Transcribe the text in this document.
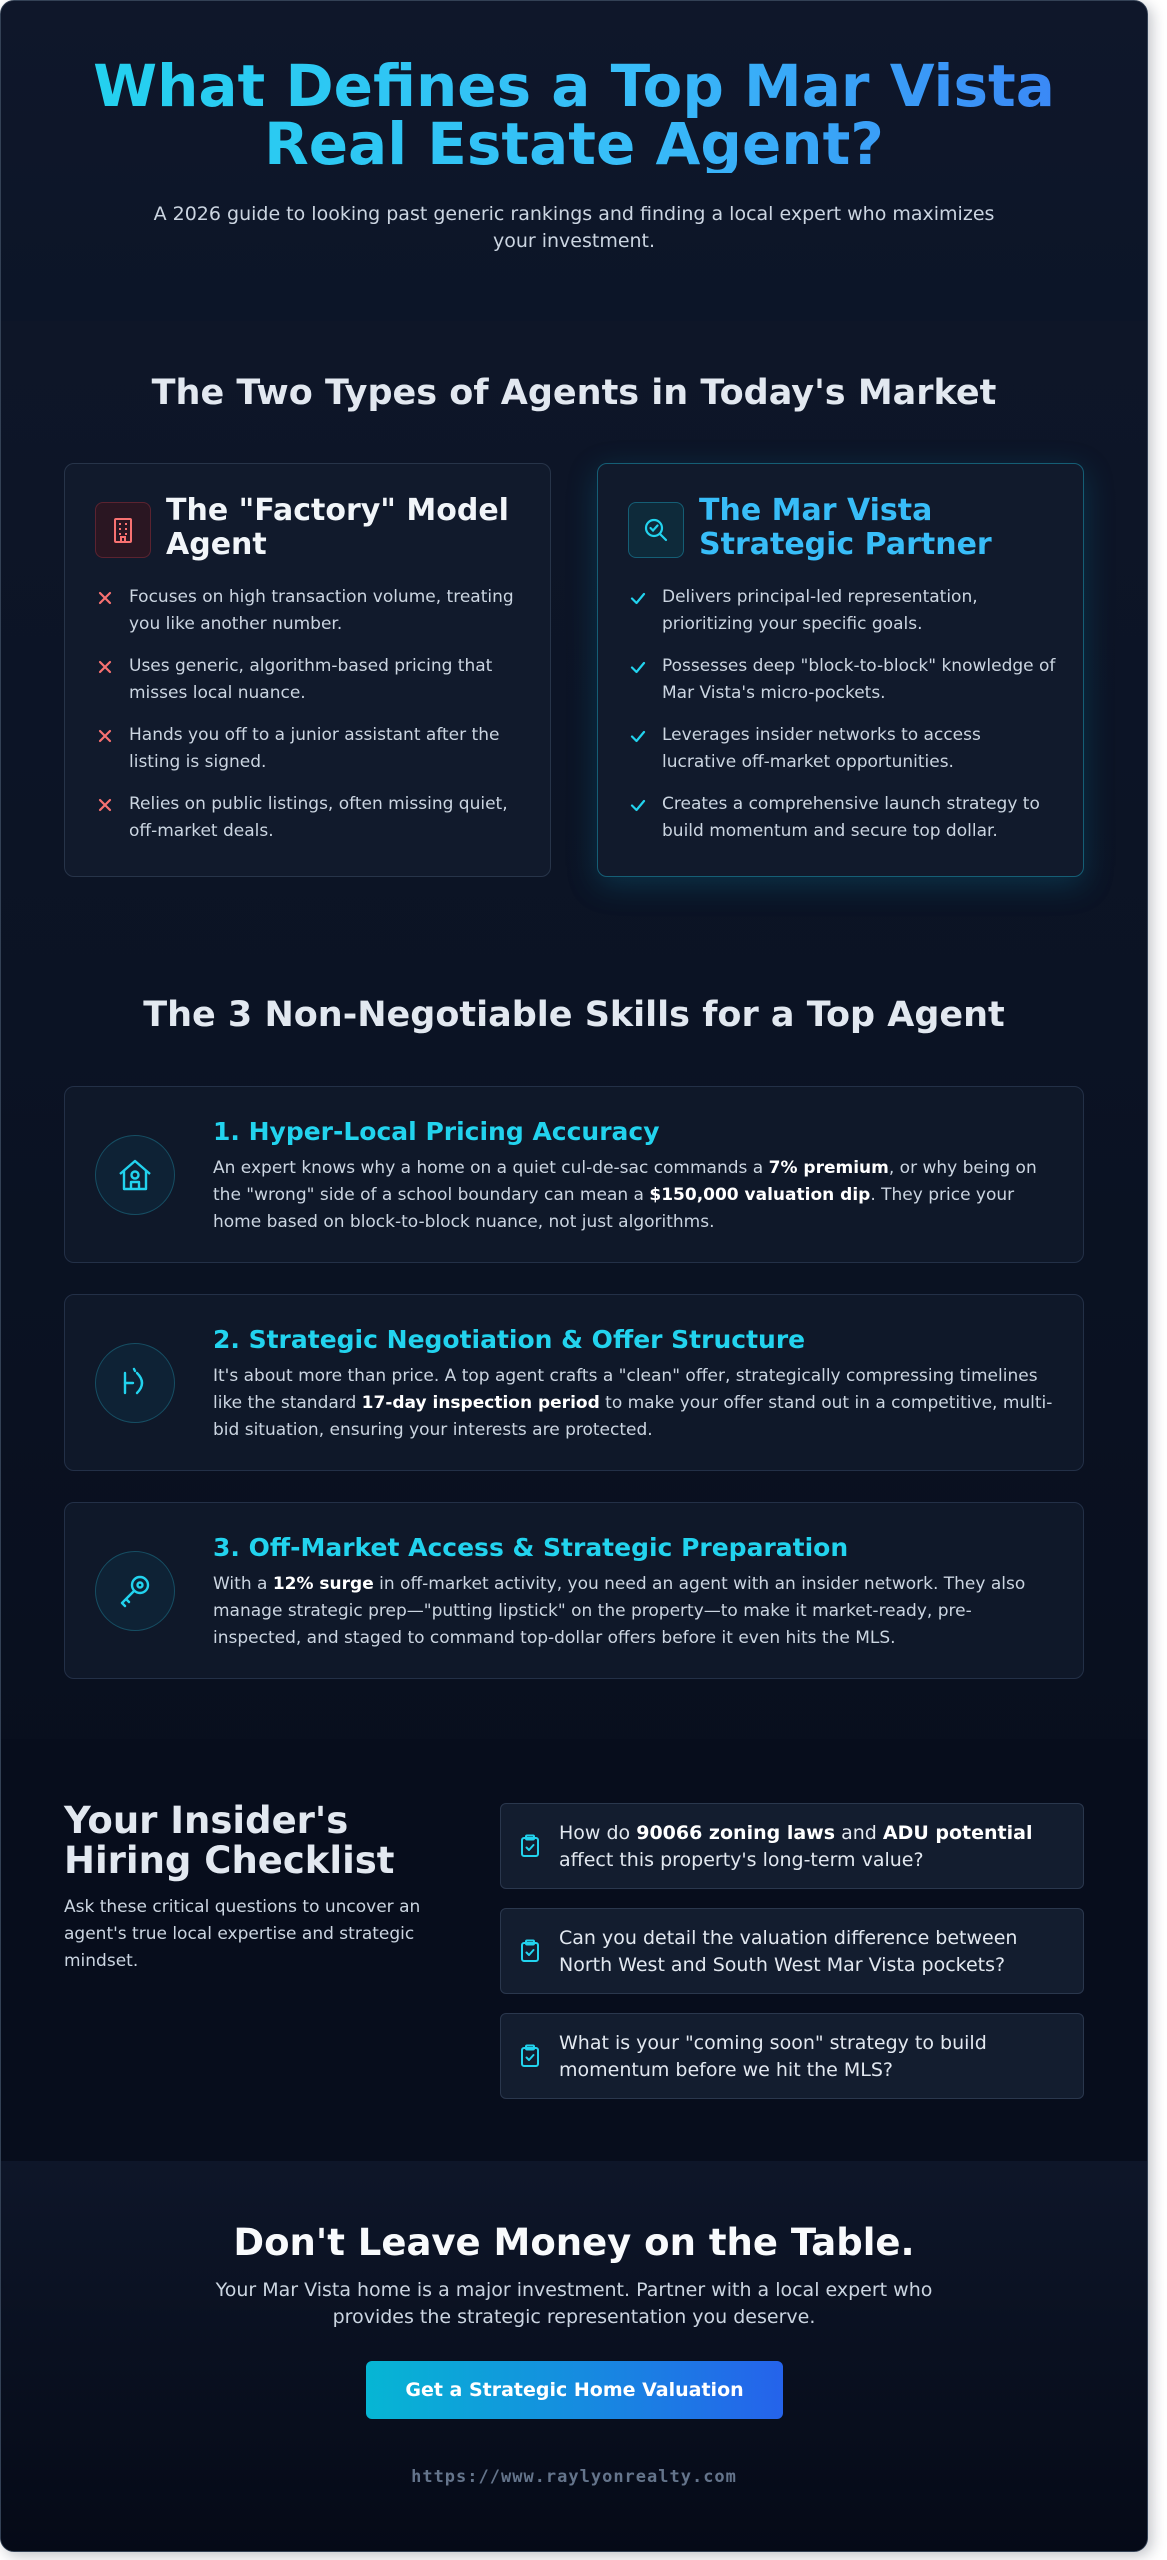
What Defines a Top Mar Vista
Real Estate Agent?

A 2026 guide to looking past generic rankings and finding a local expert who maximizes your investment.

The Two Types of Agents in Today's Market
The "Factory" Model Agent
Focuses on high transaction volume, treating you like another number.
Uses generic, algorithm-based pricing that misses local nuance.
Hands you off to a junior assistant after the listing is signed.
Relies on public listings, often missing quiet, off-market deals.
The Mar Vista Strategic Partner
Delivers principal-led representation, prioritizing your specific goals.
Possesses deep "block-to-block" knowledge of Mar Vista's micro-pockets.
Leverages insider networks to access lucrative off-market opportunities.
Creates a comprehensive launch strategy to build momentum and secure top dollar.
The 3 Non-Negotiable Skills for a Top Agent
1. Hyper-Local Pricing Accuracy

An expert knows why a home on a quiet cul-de-sac commands a 7% premium, or why being on the "wrong" side of a school boundary can mean a $150,000 valuation dip. They price your home based on block-to-block nuance, not just algorithms.

2. Strategic Negotiation & Offer Structure

It's about more than price. A top agent crafts a "clean" offer, strategically compressing timelines like the standard 17-day inspection period to make your offer stand out in a competitive, multi-bid situation, ensuring your interests are protected.

3. Off-Market Access & Strategic Preparation

With a 12% surge in off-market activity, you need an agent with an insider network. They also manage strategic prep—"putting lipstick" on the property—to make it market-ready, pre-inspected, and staged to command top-dollar offers before it even hits the MLS.

Your Insider's
Hiring Checklist

Ask these critical questions to uncover an agent's true local expertise and strategic mindset.

How do 90066 zoning laws and ADU potential affect this property's long-term value?
Can you detail the valuation difference between North West and South West Mar Vista pockets?
What is your "coming soon" strategy to build momentum before we hit the MLS?
Don't Leave Money on the Table.

Your Mar Vista home is a major investment. Partner with a local expert who provides the strategic representation you deserve.

Get a Strategic Home Valuation
https://www.raylyonrealty.com
